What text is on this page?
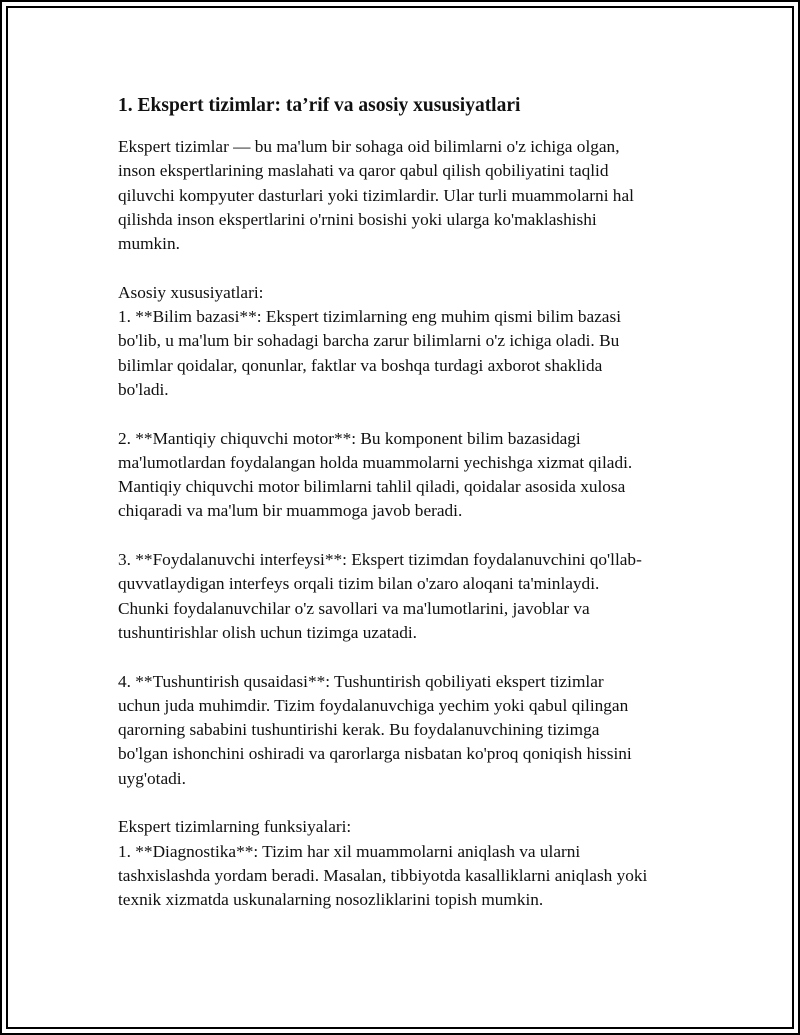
1. Ekspert tizimlar: ta’rif va asosiy xususiyatlari
Ekspert tizimlar — bu ma'lum bir sohaga oid bilimlarni o'z ichiga olgan,
inson ekspertlarining maslahati va qaror qabul qilish qobiliyatini taqlid
qiluvchi kompyuter dasturlari yoki tizimlardir. Ular turli muammolarni hal
qilishda inson ekspertlarini o'rnini bosishi yoki ularga ko'maklashishi
mumkin.
Asosiy xususiyatlari:
1. **Bilim bazasi**: Ekspert tizimlarning eng muhim qismi bilim bazasi
bo'lib, u ma'lum bir sohadagi barcha zarur bilimlarni o'z ichiga oladi. Bu
bilimlar qoidalar, qonunlar, faktlar va boshqa turdagi axborot shaklida
bo'ladi.
2. **Mantiqiy chiquvchi motor**: Bu komponent bilim bazasidagi
ma'lumotlardan foydalangan holda muammolarni yechishga xizmat qiladi.
Mantiqiy chiquvchi motor bilimlarni tahlil qiladi, qoidalar asosida xulosa
chiqaradi va ma'lum bir muammoga javob beradi.
3. **Foydalanuvchi interfeysi**: Ekspert tizimdan foydalanuvchini qo'llab-
quvvatlaydigan interfeys orqali tizim bilan o'zaro aloqani ta'minlaydi.
Chunki foydalanuvchilar o'z savollari va ma'lumotlarini, javoblar va
tushuntirishlar olish uchun tizimga uzatadi.
4. **Tushuntirish qusaidasi**: Tushuntirish qobiliyati ekspert tizimlar
uchun juda muhimdir. Tizim foydalanuvchiga yechim yoki qabul qilingan
qarorning sababini tushuntirishi kerak. Bu foydalanuvchining tizimga
bo'lgan ishonchini oshiradi va qarorlarga nisbatan ko'proq qoniqish hissini
uyg'otadi.
Ekspert tizimlarning funksiyalari:
1. **Diagnostika**: Tizim har xil muammolarni aniqlash va ularni
tashxislashda yordam beradi. Masalan, tibbiyotda kasalliklarni aniqlash yoki
texnik xizmatda uskunalarning nosozliklarini topish mumkin.
